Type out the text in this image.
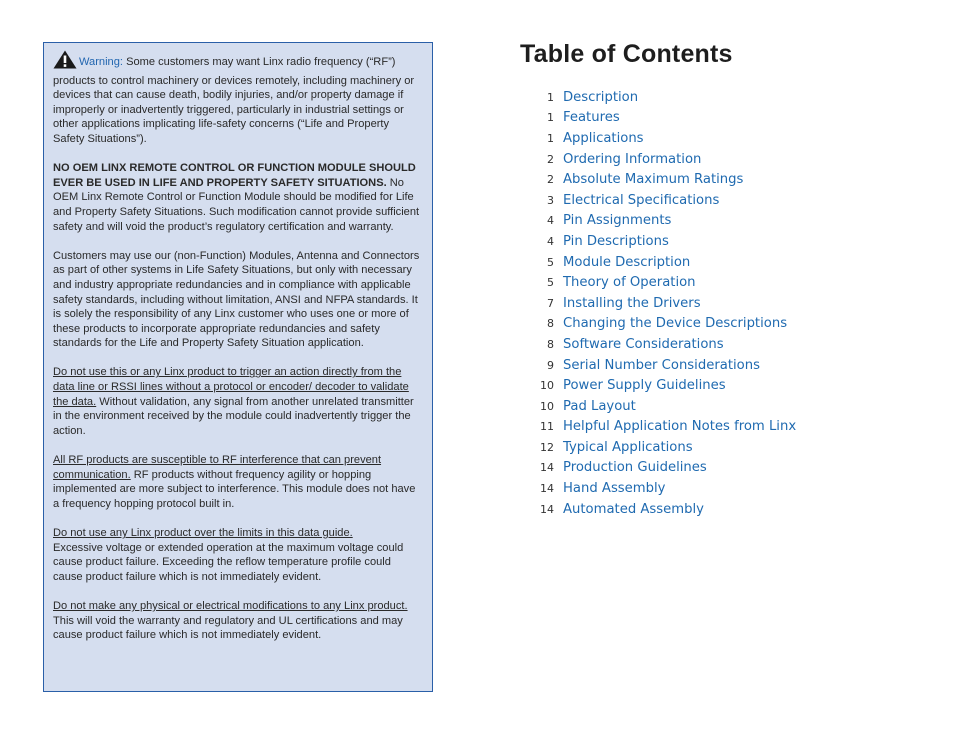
Warning: Some customers may want Linx radio frequency (“RF”) products to control machinery or devices remotely, including machinery or devices that can cause death, bodily injuries, and/or property damage if improperly or inadvertently triggered, particularly in industrial settings or other applications implicating life-safety concerns (“Life and Property Safety Situations”).

NO OEM LINX REMOTE CONTROL OR FUNCTION MODULE SHOULD EVER BE USED IN LIFE AND PROPERTY SAFETY SITUATIONS. No OEM Linx Remote Control or Function Module should be modified for Life and Property Safety Situations. Such modification cannot provide sufficient safety and will void the product’s regulatory certification and warranty.

Customers may use our (non-Function) Modules, Antenna and Connectors as part of other systems in Life Safety Situations, but only with necessary and industry appropriate redundancies and in compliance with applicable safety standards, including without limitation, ANSI and NFPA standards. It is solely the responsibility of any Linx customer who uses one or more of these products to incorporate appropriate redundancies and safety standards for the Life and Property Safety Situation application.

Do not use this or any Linx product to trigger an action directly from the data line or RSSI lines without a protocol or encoder/ decoder to validate the data. Without validation, any signal from another unrelated transmitter in the environment received by the module could inadvertently trigger the action.

All RF products are susceptible to RF interference that can prevent communication. RF products without frequency agility or hopping implemented are more subject to interference. This module does not have a frequency hopping protocol built in.

Do not use any Linx product over the limits in this data guide.
Excessive voltage or extended operation at the maximum voltage could cause product failure. Exceeding the reflow temperature profile could cause product failure which is not immediately evident.

Do not make any physical or electrical modifications to any Linx product. This will void the warranty and regulatory and UL certifications and may cause product failure which is not immediately evident.

Table of Contents
1 Description
1 Features
1 Applications
2 Ordering Information
2 Absolute Maximum Ratings
3 Electrical Specifications
4 Pin Assignments
4 Pin Descriptions
5 Module Description
5 Theory of Operation
7 Installing the Drivers
8 Changing the Device Descriptions
8 Software Considerations
9 Serial Number Considerations
10 Power Supply Guidelines
10 Pad Layout
11 Helpful Application Notes from Linx
12 Typical Applications
14 Production Guidelines
14 Hand Assembly
14 Automated Assembly
